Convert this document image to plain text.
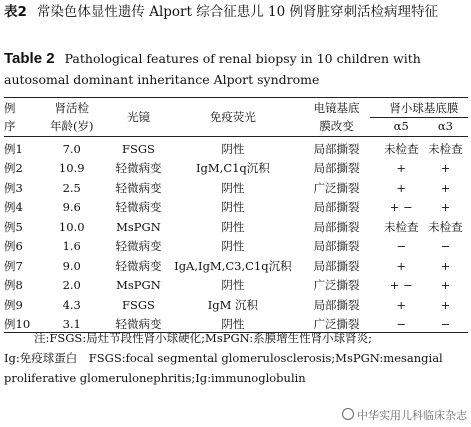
表2 常染色体显性遗传 Alport 综合征患儿 10 例肾脏穿刺活检病理特征
Table 2 Pathological features of renal biopsy in 10 children with autosomal dominant inheritance Alport syndrome
例	肾活检	光镜	免疫荧光	电镜基底	肾小球基底膜	
序	年龄(岁)			膜改变	α5	α3

例1	7.0	FSGS	阴性	局部撕裂	未检查	未检查
例2	10.9	轻微病变	IgM,C1q沉积	局部撕裂	+	+
例3	2.5	轻微病变	阴性	广泛撕裂	+	+
例4	9.6	轻微病变	阴性	局部撕裂	+ −	+
例5	10.0	MsPGN	阴性	局部撕裂	未检查	未检查
例6	1.6	轻微病变	阴性	局部撕裂	−	−
例7	9.0	轻微病变	IgA,IgM,C3,C1q沉积	局部撕裂	+	+
例8	2.0	MsPGN	阴性	广泛撕裂	+ −	+
例9	4.3	FSGS	IgM 沉积	局部撕裂	+	+
例10	3.1	轻微病变	阴性	广泛撕裂	−	−
注:FSGS:局灶节段性肾小球硬化;MsPGN:系膜增生性肾小球肾炎;
Ig:免疫球蛋白　FSGS:focal segmental glomerulosclerosis;MsPGN:mesangial
proliferative glomerulonephritis;Ig:immunoglobulin
中华实用儿科临床杂志
